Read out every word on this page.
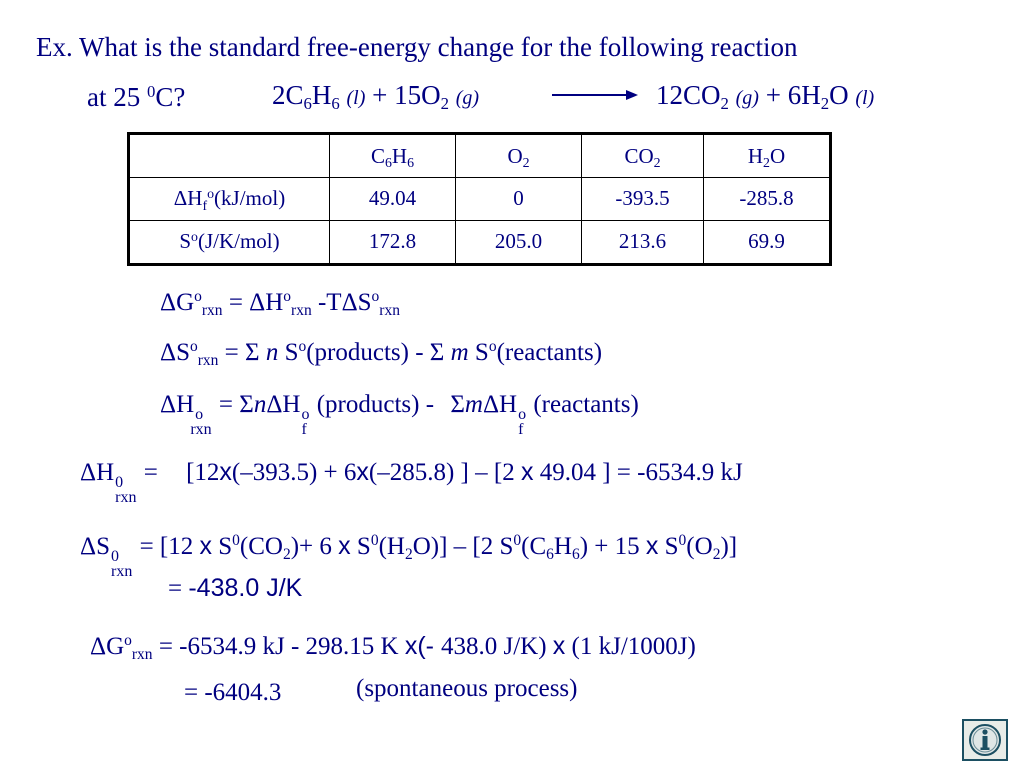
Ex. What is the standard free-energy change for the following reaction
at 25 $^0$C?	$2C_6H_6$ $(l) + 15O_2$ (g)	$12CO_2$ $(g) + 6H_2O$ (l)
	$C_6H_6$	$O_2$	$CO_2$	$H_2O$
$\Delta H_f^o(kJ/mol)$	49.04	0	-393.5	-285.8
$S^o(J/K/mol)$	172.8	205.0	213.6	69.9
$\Delta G^o_{rxn} = \Delta H^o_{rxn}$ $-T\Delta S^o_{rxn}$
$\Delta S^o_{rxn} = \Sigma$ n $S^o(products)$ - Σ m $S^o(reactants)$
ΔH o
rxn
= ΣnΔH o
f
(products) - ΣmΔH o
f
(reactants)
ΔH 0
rxn
= [12x(–393.5) + 6x(–285.8) ] – [2 x 49.04 ] = -6534.9 kJ
ΔS 0
rxn
= [12 x $S^0(CO_2)+ 6$ x $S^0(H_2O)] - [2$ $S^0(C_6H_6) + 15$ x $S^0(O_2)$]
= -438.0 J/K
$\Delta G^o_{rxn} = -6534.9$ kJ - 298.15 K x(- 438.0 J/K) x (1 kJ/1000J)
= -6404.3	(spontaneous process)
